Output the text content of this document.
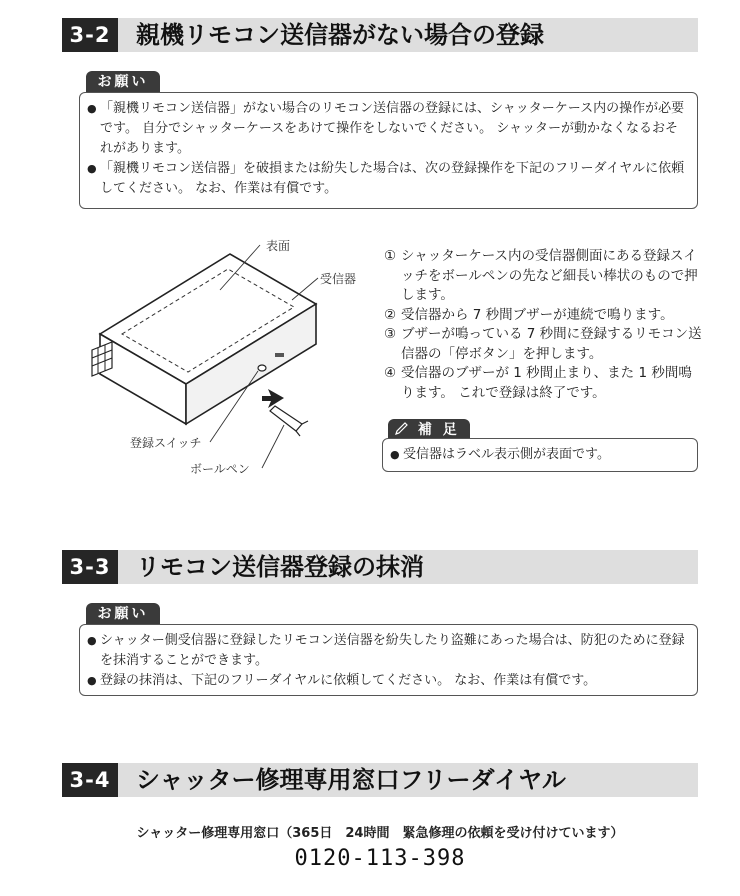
3-2	親機リモコン送信器がない場合の登録
お願い
● 「親機リモコン送信器」がない場合のリモコン送信器の登録には、シャッターケース内の操作が必要です。 自分でシャッターケースをあけて操作をしないでください。 シャッターが動かなくなるおそれがあります。
● 「親機リモコン送信器」を破損または紛失した場合は、次の登録操作を下記のフリーダイヤルに依頼してください。 なお、作業は有償です。
表面
受信器
登録スイッチ
ボールペン
① シャッターケース内の受信器側面にある登録スイッチをボールペンの先など細長い棒状のもので押します。
② 受信器から 7 秒間ブザーが連続で鳴ります。
③ ブザーが鳴っている 7 秒間に登録するリモコン送信器の「停ボタン」を押します。
④ 受信器のブザーが 1 秒間止まり、また 1 秒間鳴ります。 これで登録は終了です。
補 足
● 受信器はラベル表示側が表面です。
3-3	リモコン送信器登録の抹消
お願い
● シャッター側受信器に登録したリモコン送信器を紛失したり盗難にあった場合は、防犯のために登録を抹消することができます。
● 登録の抹消は、下記のフリーダイヤルに依頼してください。 なお、作業は有償です。
3-4	シャッター修理専用窓口フリーダイヤル
シャッター修理専用窓口（365日　24時間　緊急修理の依頼を受け付けています）
0120-113-398
